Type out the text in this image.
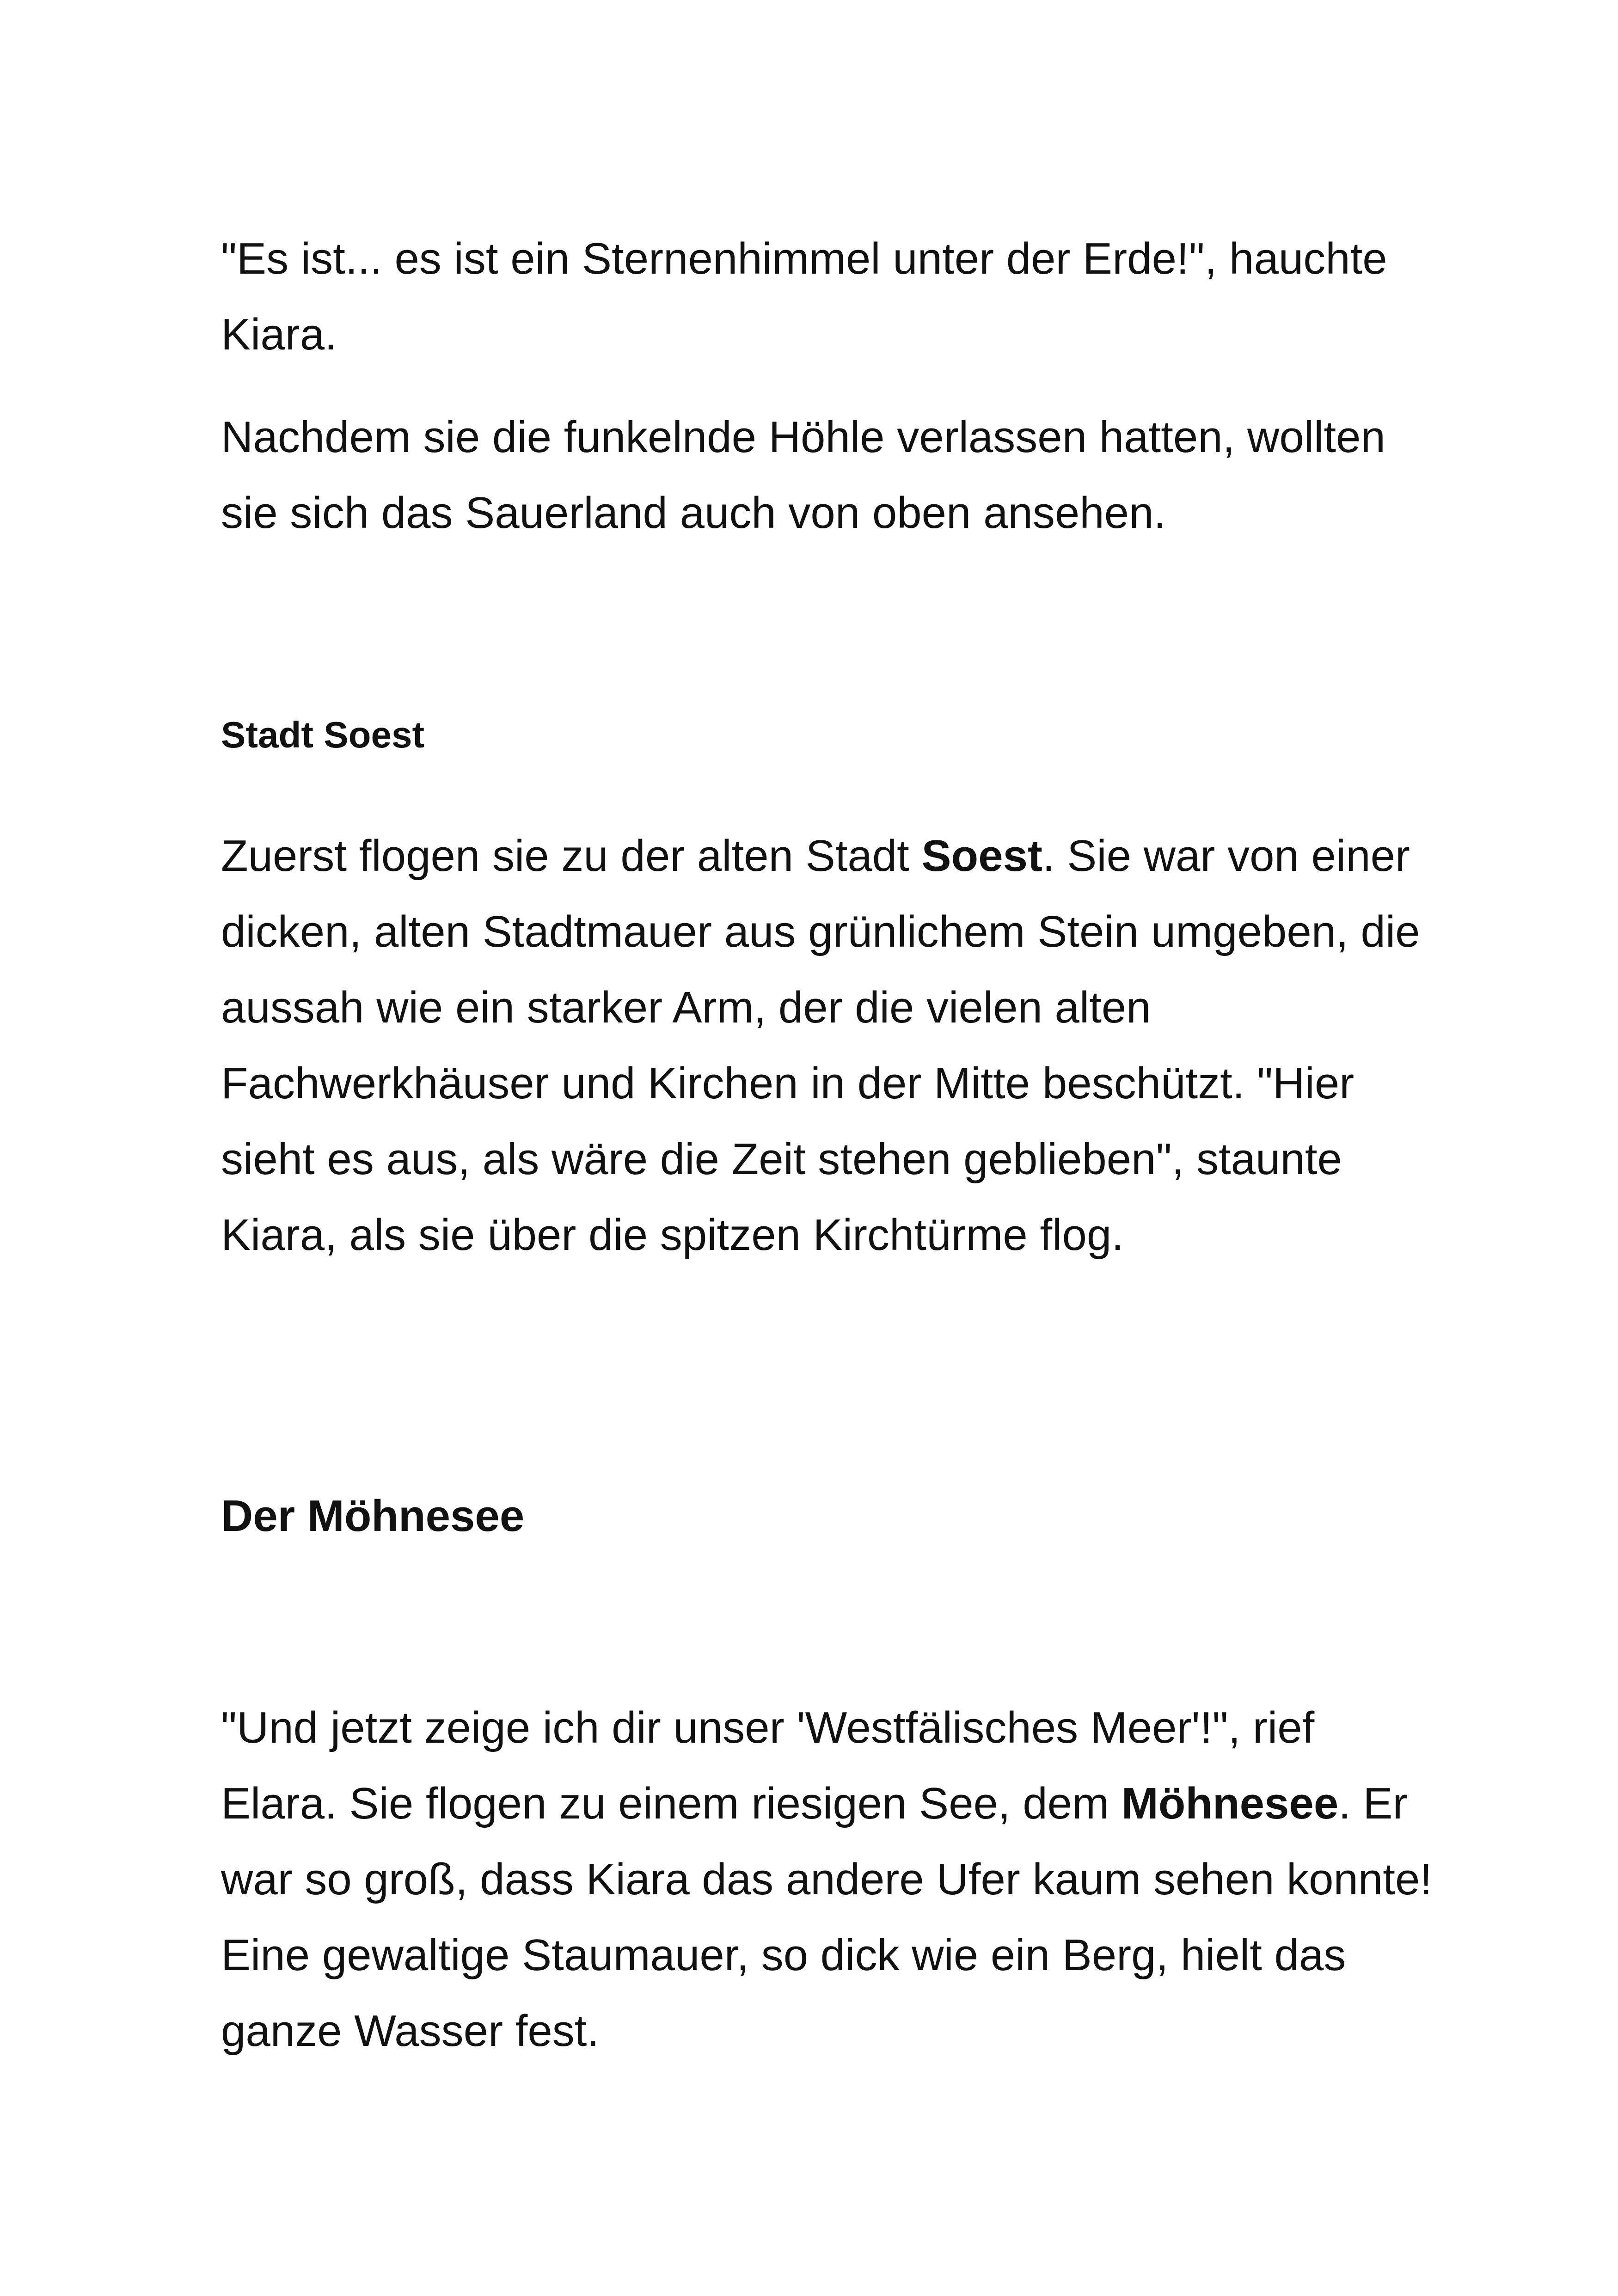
"Es ist... es ist ein Sternenhimmel unter der Erde!", hauchte Kiara.

Nachdem sie die funkelnde Höhle verlassen hatten, wollten sie sich das Sauerland auch von oben ansehen.

Stadt Soest

Zuerst flogen sie zu der alten Stadt Soest. Sie war von einer dicken, alten Stadtmauer aus grünlichem Stein umgeben, die aussah wie ein starker Arm, der die vielen alten Fachwerkhäuser und Kirchen in der Mitte beschützt. "Hier sieht es aus, als wäre die Zeit stehen geblieben", staunte Kiara, als sie über die spitzen Kirchtürme flog.

Der Möhnesee

"Und jetzt zeige ich dir unser 'Westfälisches Meer'!", rief Elara. Sie flogen zu einem riesigen See, dem Möhnesee. Er war so groß, dass Kiara das andere Ufer kaum sehen konnte! Eine gewaltige Staumauer, so dick wie ein Berg, hielt das ganze Wasser fest.
